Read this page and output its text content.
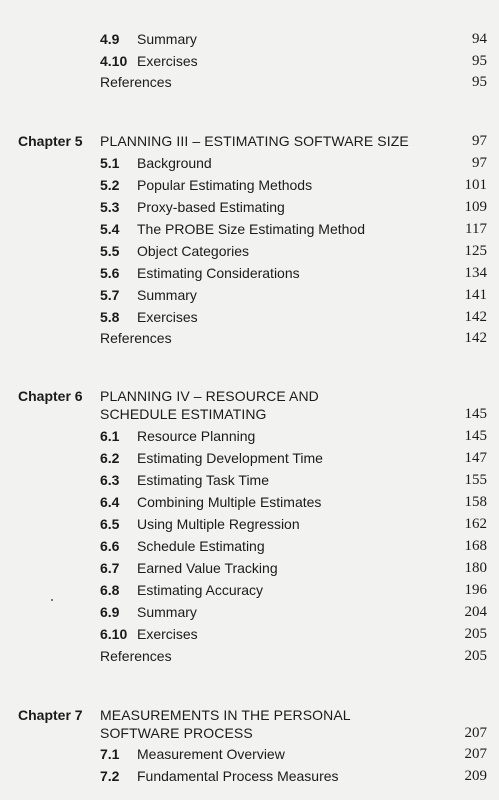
4.9 Summary	94
4.10 Exercises	95
References	95
Chapter 5 PLANNING III – ESTIMATING SOFTWARE SIZE	97
5.1 Background	97
5.2 Popular Estimating Methods	101
5.3 Proxy-based Estimating	109
5.4 The PROBE Size Estimating Method	117
5.5 Object Categories	125
5.6 Estimating Considerations	134
5.7 Summary	141
5.8 Exercises	142
References	142
Chapter 6 PLANNING IV – RESOURCE AND
SCHEDULE ESTIMATING	145
6.1 Resource Planning	145
6.2 Estimating Development Time	147
6.3 Estimating Task Time	155
6.4 Combining Multiple Estimates	158
6.5 Using Multiple Regression	162
6.6 Schedule Estimating	168
6.7 Earned Value Tracking	180
6.8 Estimating Accuracy	196
6.9 Summary	204
6.10 Exercises	205
References	205
Chapter 7 MEASUREMENTS IN THE PERSONAL
SOFTWARE PROCESS	207
7.1 Measurement Overview	207
7.2 Fundamental Process Measures	209
